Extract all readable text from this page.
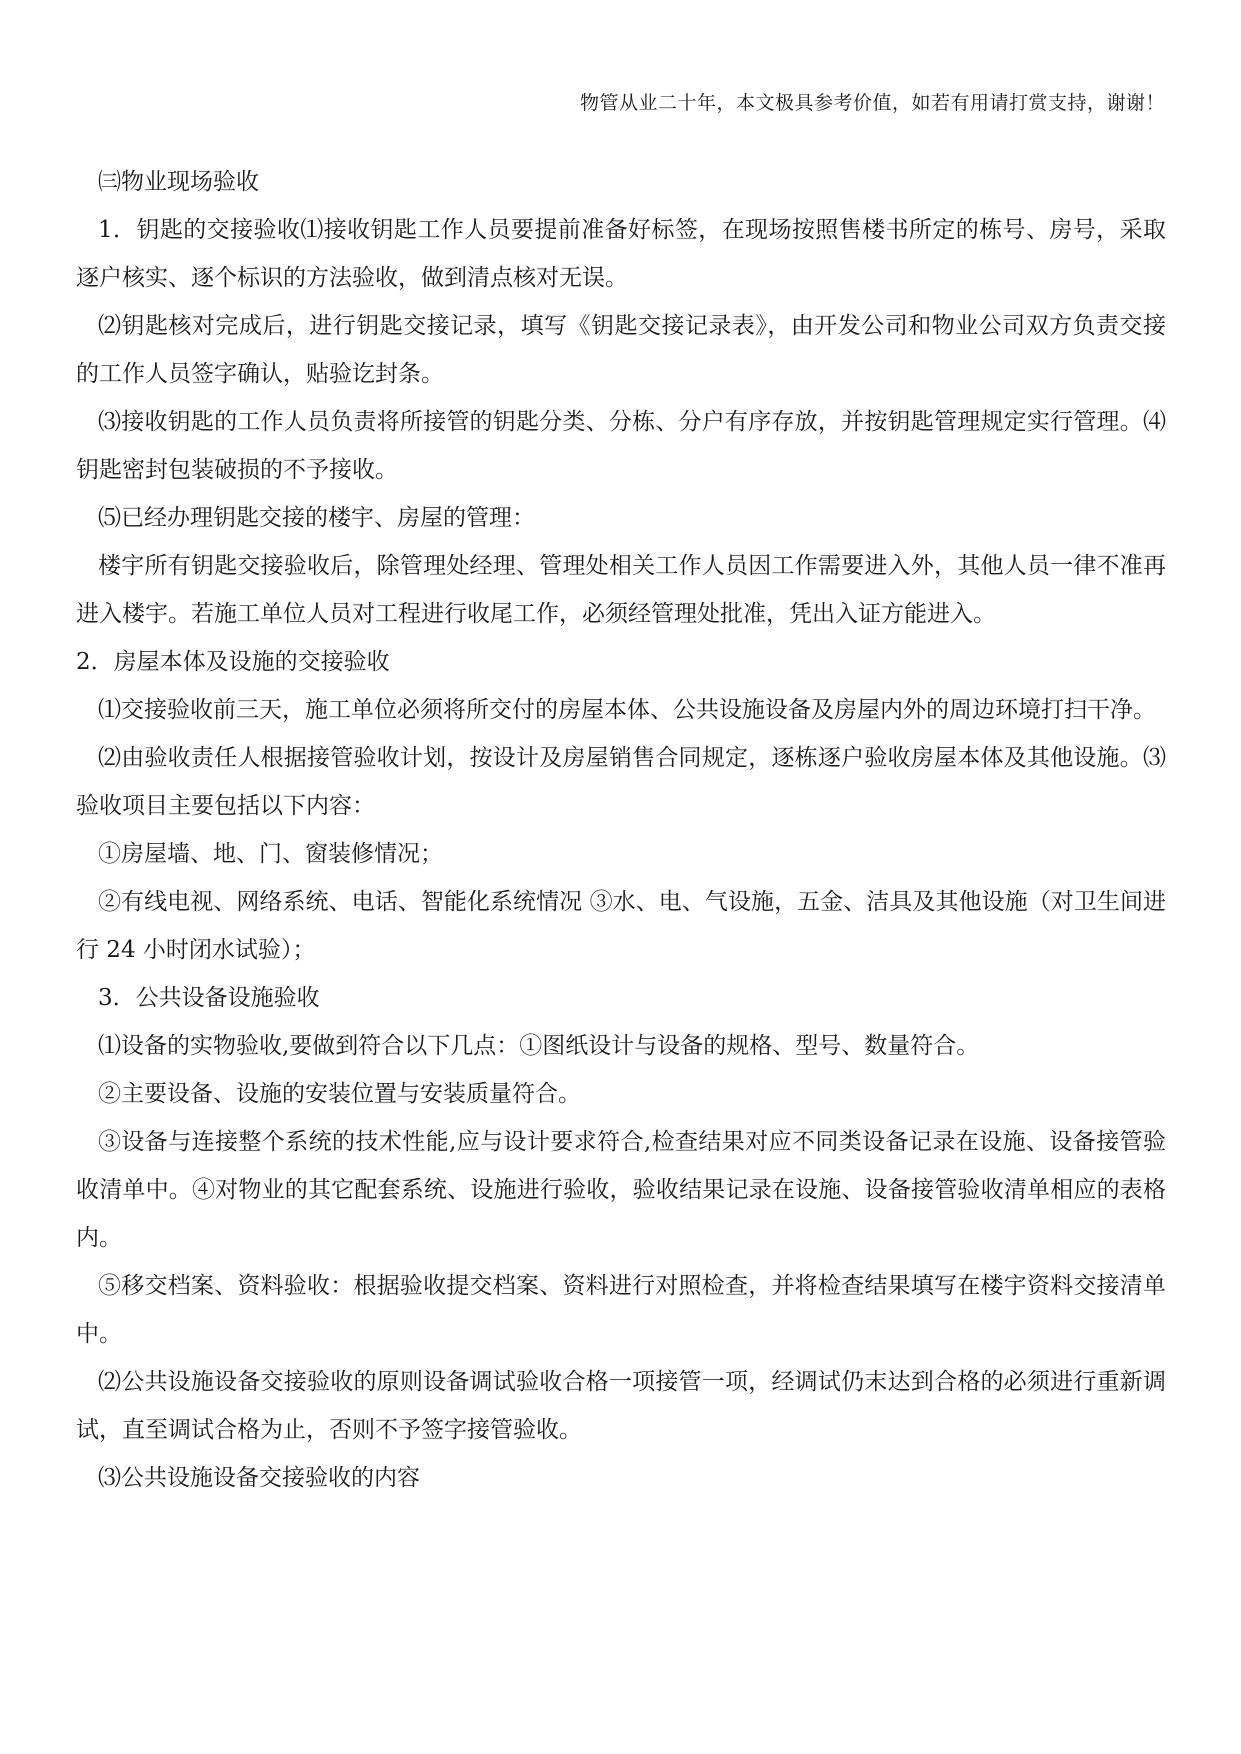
物管从业二十年，本文极具参考价值，如若有用请打赏支持，谢谢！

㈢物业现场验收

1．钥匙的交接验收⑴接收钥匙工作人员要提前准备好标签，在现场按照售楼书所定的栋号、房号，采取逐户核实、逐个标识的方法验收，做到清点核对无误。

⑵钥匙核对完成后，进行钥匙交接记录，填写《钥匙交接记录表》，由开发公司和物业公司双方负责交接的工作人员签字确认，贴验讫封条。

⑶接收钥匙的工作人员负责将所接管的钥匙分类、分栋、分户有序存放，并按钥匙管理规定实行管理。⑷钥匙密封包装破损的不予接收。

⑸已经办理钥匙交接的楼宇、房屋的管理：

楼宇所有钥匙交接验收后，除管理处经理、管理处相关工作人员因工作需要进入外，其他人员一律不准再进入楼宇。若施工单位人员对工程进行收尾工作，必须经管理处批准，凭出入证方能进入。

2．房屋本体及设施的交接验收

⑴交接验收前三天，施工单位必须将所交付的房屋本体、公共设施设备及房屋内外的周边环境打扫干净。

⑵由验收责任人根据接管验收计划，按设计及房屋销售合同规定，逐栋逐户验收房屋本体及其他设施。⑶验收项目主要包括以下内容：

①房屋墙、地、门、窗装修情况；

②有线电视、网络系统、电话、智能化系统情况 ③水、电、气设施，五金、洁具及其他设施（对卫生间进行 24 小时闭水试验）；

3．公共设备设施验收

⑴设备的实物验收,要做到符合以下几点：①图纸设计与设备的规格、型号、数量符合。

②主要设备、设施的安装位置与安装质量符合。

③设备与连接整个系统的技术性能,应与设计要求符合,检查结果对应不同类设备记录在设施、设备接管验收清单中。④对物业的其它配套系统、设施进行验收，验收结果记录在设施、设备接管验收清单相应的表格内。

⑤移交档案、资料验收：根据验收提交档案、资料进行对照检查，并将检查结果填写在楼宇资料交接清单中。

⑵公共设施设备交接验收的原则设备调试验收合格一项接管一项，经调试仍末达到合格的必须进行重新调试，直至调试合格为止，否则不予签字接管验收。

⑶公共设施设备交接验收的内容
